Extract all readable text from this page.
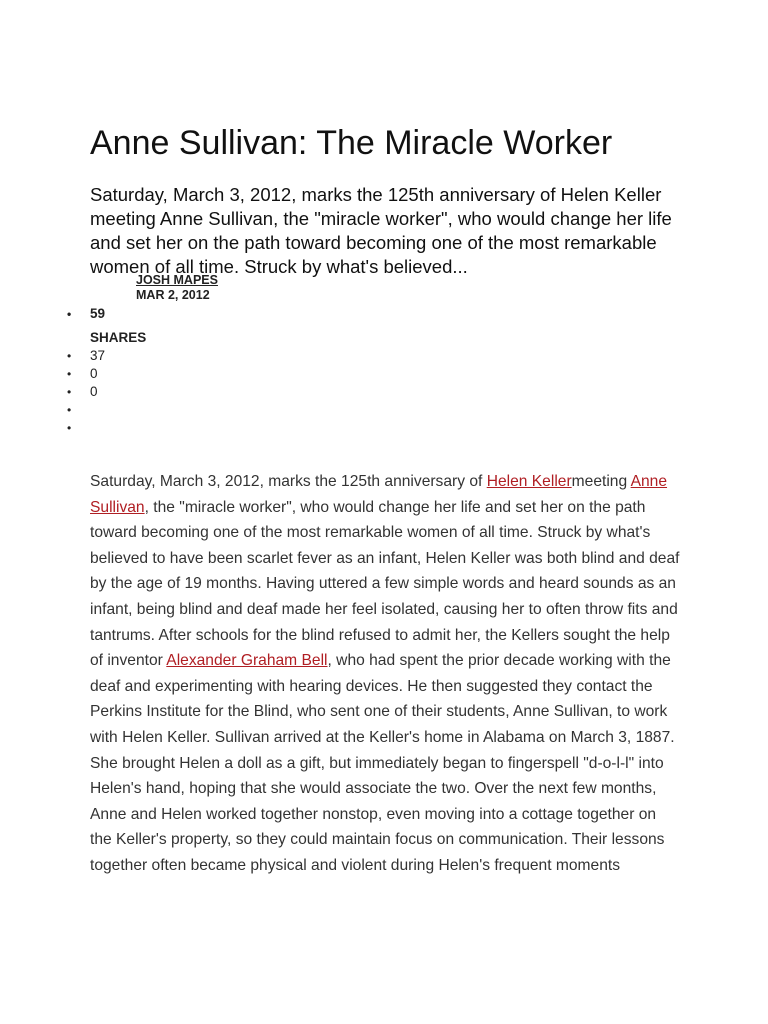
Anne Sullivan: The Miracle Worker

Saturday, March 3, 2012, marks the 125th anniversary of Helen Keller meeting Anne Sullivan, the "miracle worker", who would change her life and set her on the path toward becoming one of the most remarkable women of all time. Struck by what's believed...

JOSH MAPES
MAR 2, 2012
• 59
SHARES
• 37
• 0
• 0
•
•

Saturday, March 3, 2012, marks the 125th anniversary of Helen Kellermeeting Anne Sullivan, the "miracle worker", who would change her life and set her on the path toward becoming one of the most remarkable women of all time. Struck by what's believed to have been scarlet fever as an infant, Helen Keller was both blind and deaf by the age of 19 months. Having uttered a few simple words and heard sounds as an infant, being blind and deaf made her feel isolated, causing her to often throw fits and tantrums. After schools for the blind refused to admit her, the Kellers sought the help of inventor Alexander Graham Bell, who had spent the prior decade working with the deaf and experimenting with hearing devices. He then suggested they contact the Perkins Institute for the Blind, who sent one of their students, Anne Sullivan, to work with Helen Keller. Sullivan arrived at the Keller's home in Alabama on March 3, 1887. She brought Helen a doll as a gift, but immediately began to fingerspell "d-o-l-l" into Helen's hand, hoping that she would associate the two. Over the next few months, Anne and Helen worked together nonstop, even moving into a cottage together on the Keller's property, so they could maintain focus on communication. Their lessons together often became physical and violent during Helen's frequent moments
